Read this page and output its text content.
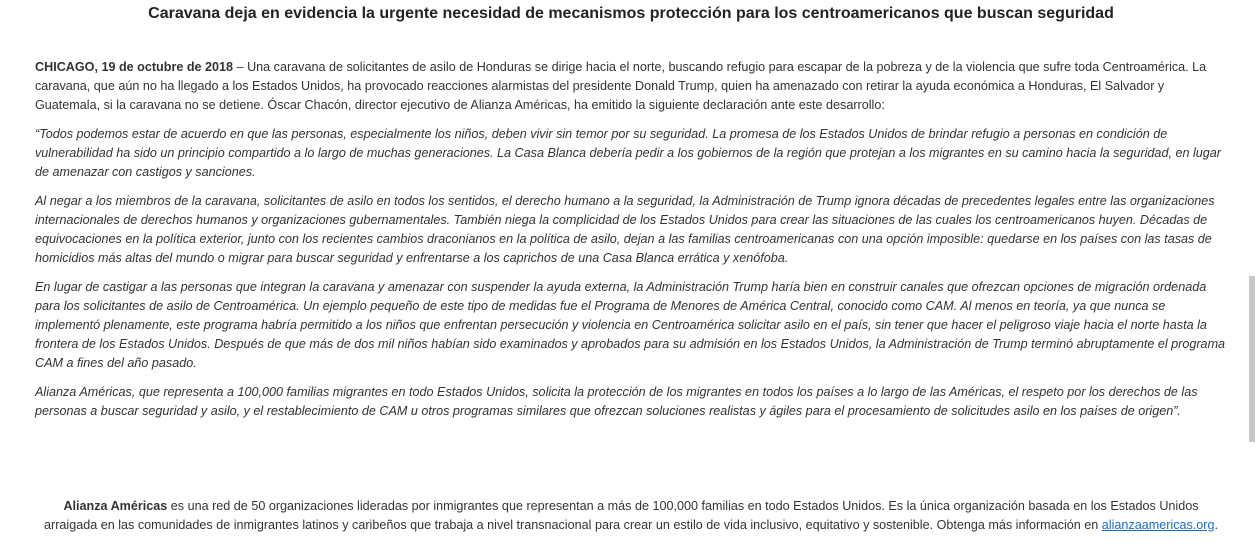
Caravana deja en evidencia la urgente necesidad de mecanismos protección para los centroamericanos que buscan seguridad

CHICAGO, 19 de octubre de 2018 – Una caravana de solicitantes de asilo de Honduras se dirige hacia el norte, buscando refugio para escapar de la pobreza y de la violencia que sufre toda Centroamérica. La caravana, que aún no ha llegado a los Estados Unidos, ha provocado reacciones alarmistas del presidente Donald Trump, quien ha amenazado con retirar la ayuda económica a Honduras, El Salvador y Guatemala, si la caravana no se detiene. Óscar Chacón, director ejecutivo de Alianza Américas, ha emitido la siguiente declaración ante este desarrollo:

“Todos podemos estar de acuerdo en que las personas, especialmente los niños, deben vivir sin temor por su seguridad. La promesa de los Estados Unidos de brindar refugio a personas en condición de vulnerabilidad ha sido un principio compartido a lo largo de muchas generaciones. La Casa Blanca debería pedir a los gobiernos de la región que protejan a los migrantes en su camino hacia la seguridad, en lugar de amenazar con castigos y sanciones.

Al negar a los miembros de la caravana, solicitantes de asilo en todos los sentidos, el derecho humano a la seguridad, la Administración de Trump ignora décadas de precedentes legales entre las organizaciones internacionales de derechos humanos y organizaciones gubernamentales. También niega la complicidad de los Estados Unidos para crear las situaciones de las cuales los centroamericanos huyen. Décadas de equivocaciones en la política exterior, junto con los recientes cambios draconianos en la política de asilo, dejan a las familias centroamericanas con una opción imposible: quedarse en los países con las tasas de homicidios más altas del mundo o migrar para buscar seguridad y enfrentarse a los caprichos de una Casa Blanca errática y xenófoba.

En lugar de castigar a las personas que integran la caravana y amenazar con suspender la ayuda externa, la Administración Trump haría bien en construir canales que ofrezcan opciones de migración ordenada para los solicitantes de asilo de Centroamérica. Un ejemplo pequeño de este tipo de medidas fue el Programa de Menores de América Central, conocido como CAM. Al menos en teoría, ya que nunca se implementó plenamente, este programa habría permitido a los niños que enfrentan persecución y violencia en Centroamérica solicitar asilo en el país, sin tener que hacer el peligroso viaje hacia el norte hasta la frontera de los Estados Unidos. Después de que más de dos mil niños habían sido examinados y aprobados para su admisión en los Estados Unidos, la Administración de Trump terminó abruptamente el programa CAM a fines del año pasado.

Alianza Américas, que representa a 100,000 familias migrantes en todo Estados Unidos, solicita la protección de los migrantes en todos los países a lo largo de las Américas, el respeto por los derechos de las personas a buscar seguridad y asilo, y el restablecimiento de CAM u otros programas similares que ofrezcan soluciones realistas y ágiles para el procesamiento de solicitudes asilo en los países de origen”.

Alianza Américas es una red de 50 organizaciones lideradas por inmigrantes que representan a más de 100,000 familias en todo Estados Unidos. Es la única organización basada en los Estados Unidos arraigada en las comunidades de inmigrantes latinos y caribeños que trabaja a nivel transnacional para crear un estilo de vida inclusivo, equitativo y sostenible. Obtenga más información en alianzaamericas.org.
